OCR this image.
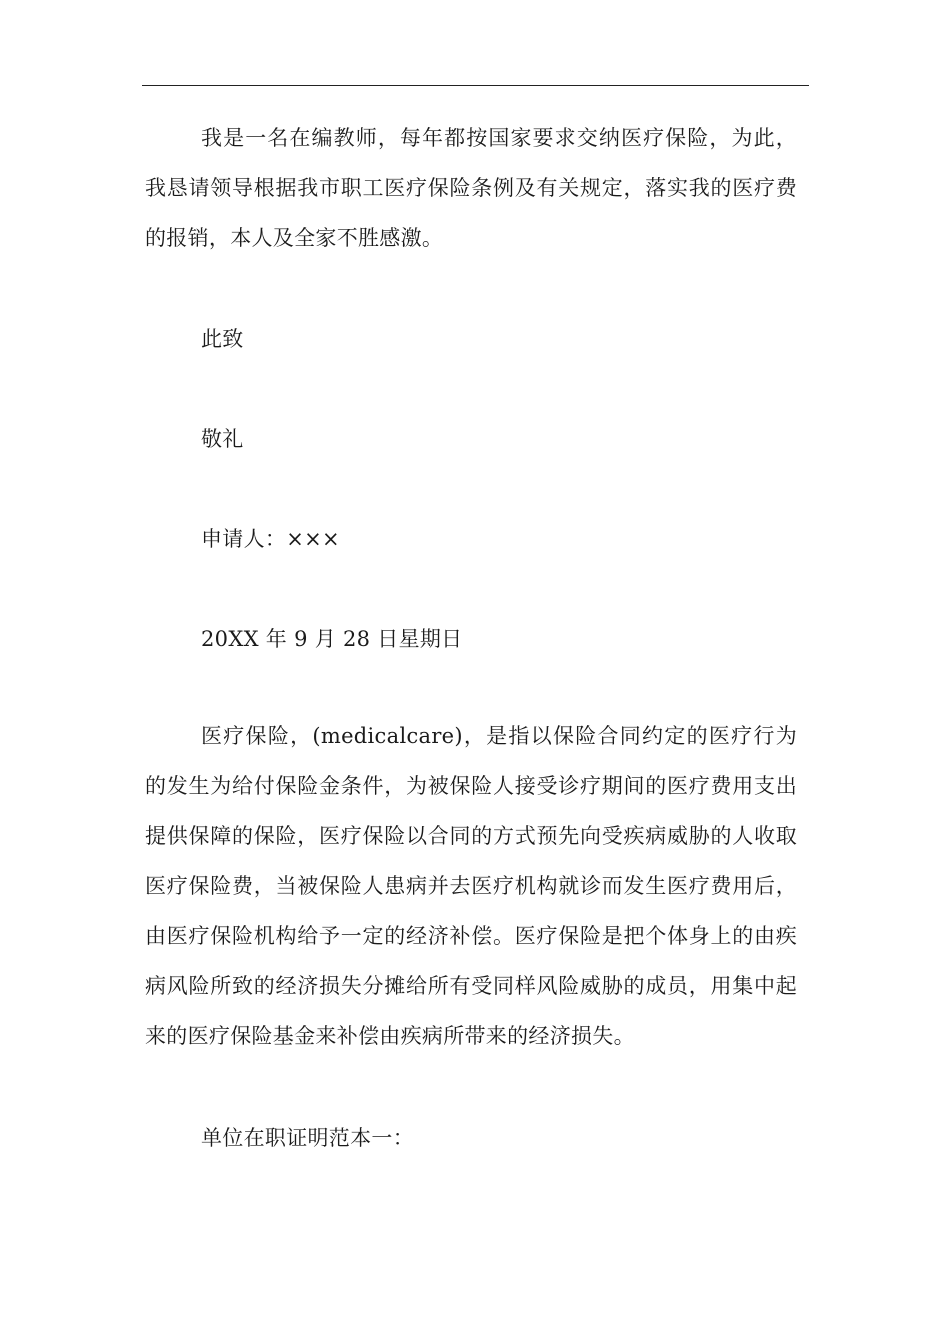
我是一名在编教师，每年都按国家要求交纳医疗保险，为此，我恳请领导根据我市职工医疗保险条例及有关规定，落实我的医疗费的报销，本人及全家不胜感激。

此致

敬礼

申请人：×××

20XX 年 9 月 28 日星期日

医疗保险，(medicalcare)，是指以保险合同约定的医疗行为的发生为给付保险金条件，为被保险人接受诊疗期间的医疗费用支出提供保障的保险，医疗保险以合同的方式预先向受疾病威胁的人收取医疗保险费，当被保险人患病并去医疗机构就诊而发生医疗费用后，由医疗保险机构给予一定的经济补偿。医疗保险是把个体身上的由疾病风险所致的经济损失分摊给所有受同样风险威胁的成员，用集中起来的医疗保险基金来补偿由疾病所带来的经济损失。

单位在职证明范本一：
